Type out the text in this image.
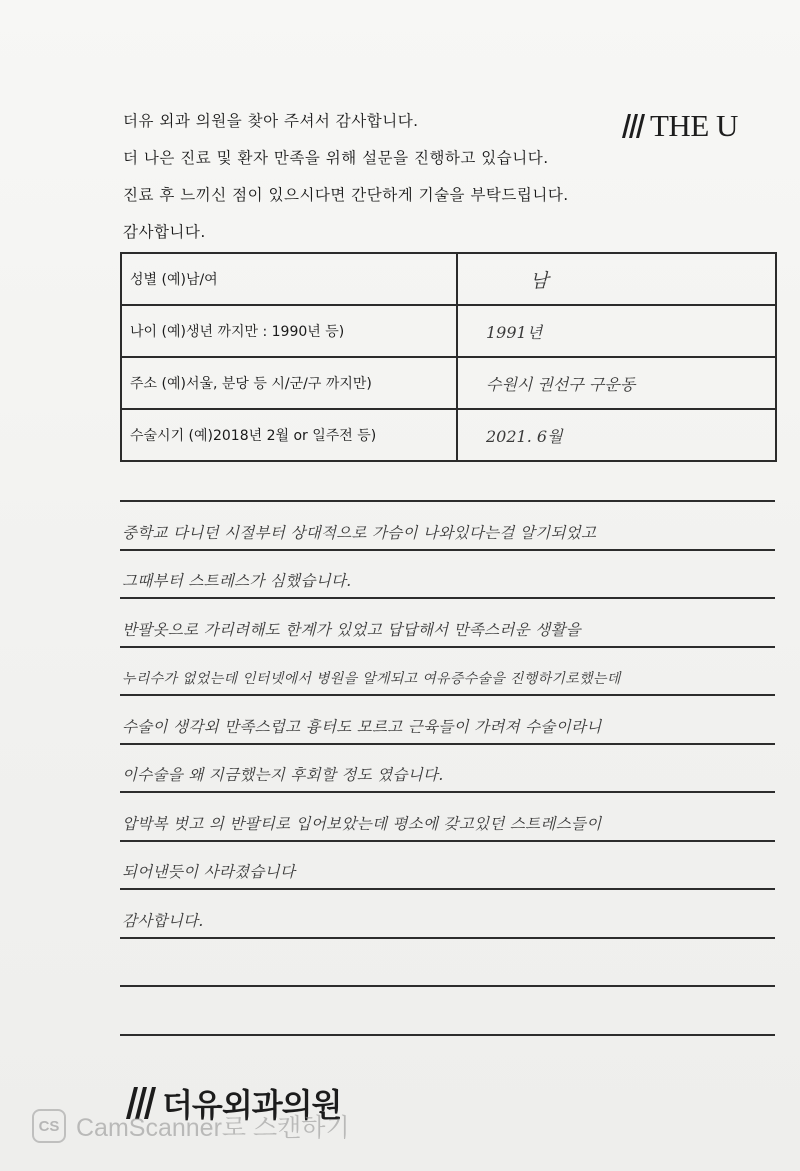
THE U
더유 외과 의원을 찾아 주셔서 감사합니다.
더 나은 진료 및 환자 만족을 위해 설문을 진행하고 있습니다.
진료 후 느끼신 점이 있으시다면 간단하게 기술을 부탁드립니다.
감사합니다.
성별 (예)남/여	남
나이 (예)생년 까지만 : 1990년 등)	1991년
주소 (예)서울, 분당 등 시/군/구 까지만)	수원시 권선구 구운동
수술시기 (예)2018년 2월 or 일주전 등)	2021. 6월
중학교 다니던 시절부터 상대적으로 가슴이 나와있다는걸 알기되었고
그때부터 스트레스가 심했습니다.
반팔옷으로 가리려해도 한계가 있었고 답답해서 만족스러운 생활을
누리수가 없었는데 인터넷에서 병원을 알게되고 여유증수술을 진행하기로했는데
수술이 생각외 만족스럽고 흉터도 모르고 근육들이 가려져 수술이라니
이수술을 왜 지금했는지 후회할 정도 였습니다.
압박복 벗고 의 반팔티로 입어보았는데 평소에 갖고있던 스트레스들이
되어낸듯이 사라졌습니다
감사합니다.
더유외과의원
CS CamScanner로 스캔하기
